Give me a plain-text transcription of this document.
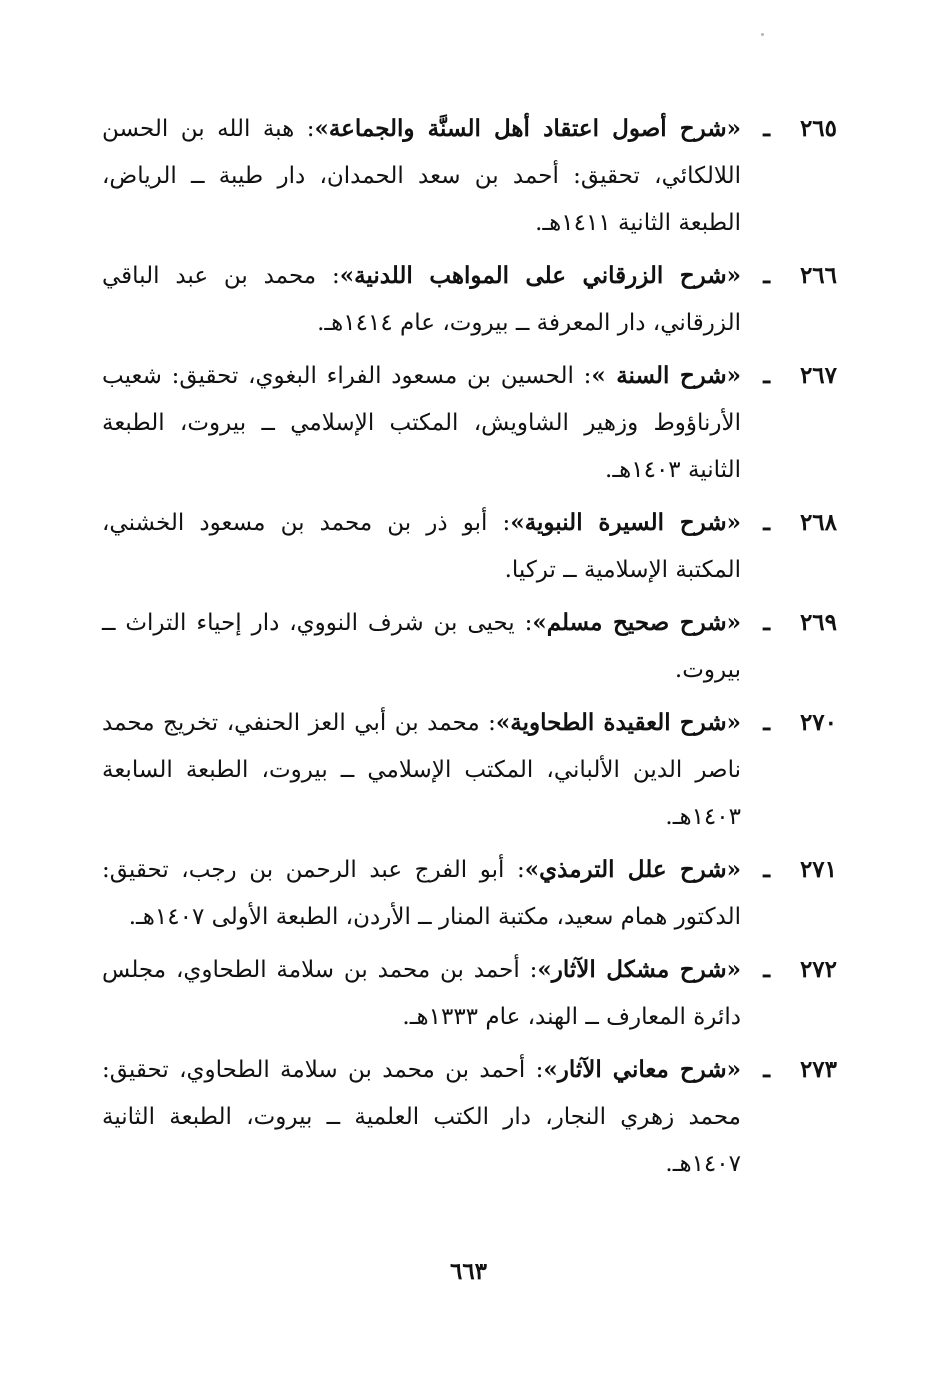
٢٦٥
ـ
«شرح أصول اعتقاد أهل السنَّة والجماعة»: هبة الله بن الحسن اللالكائي، تحقيق: أحمد بن سعد الحمدان، دار طيبة ــ الرياض، الطبعة الثانية ١٤١١هـ.

٢٦٦
ـ
«شرح الزرقاني على المواهب اللدنية»: محمد بن عبد الباقي الزرقاني، دار المعرفة ــ بيروت، عام ١٤١٤هـ.

٢٦٧
ـ
«شرح السنة »: الحسين بن مسعود الفراء البغوي، تحقيق: شعيب الأرناؤوط وزهير الشاويش، المكتب الإسلامي ــ بيروت، الطبعة الثانية ١٤٠٣هـ.

٢٦٨
ـ
«شرح السيرة النبوية»: أبو ذر بن محمد بن مسعود الخشني، المكتبة الإسلامية ــ تركيا.

٢٦٩
ـ
«شرح صحيح مسلم»: يحيى بن شرف النووي، دار إحياء التراث ــ بيروت.

٢٧٠
ـ
«شرح العقيدة الطحاوية»: محمد بن أبي العز الحنفي، تخريج محمد ناصر الدين الألباني، المكتب الإسلامي ــ بيروت، الطبعة السابعة ١٤٠٣هـ.

٢٧١
ـ
«شرح علل الترمذي»: أبو الفرج عبد الرحمن بن رجب، تحقيق: الدكتور همام سعيد، مكتبة المنار ــ الأردن، الطبعة الأولى ١٤٠٧هـ.

٢٧٢
ـ
«شرح مشكل الآثار»: أحمد بن محمد بن سلامة الطحاوي، مجلس دائرة المعارف ــ الهند، عام ١٣٣٣هـ.

٢٧٣
ـ
«شرح معاني الآثار»: أحمد بن محمد بن سلامة الطحاوي، تحقيق: محمد زهري النجار، دار الكتب العلمية ــ بيروت، الطبعة الثانية ١٤٠٧هـ.

٦٦٣
